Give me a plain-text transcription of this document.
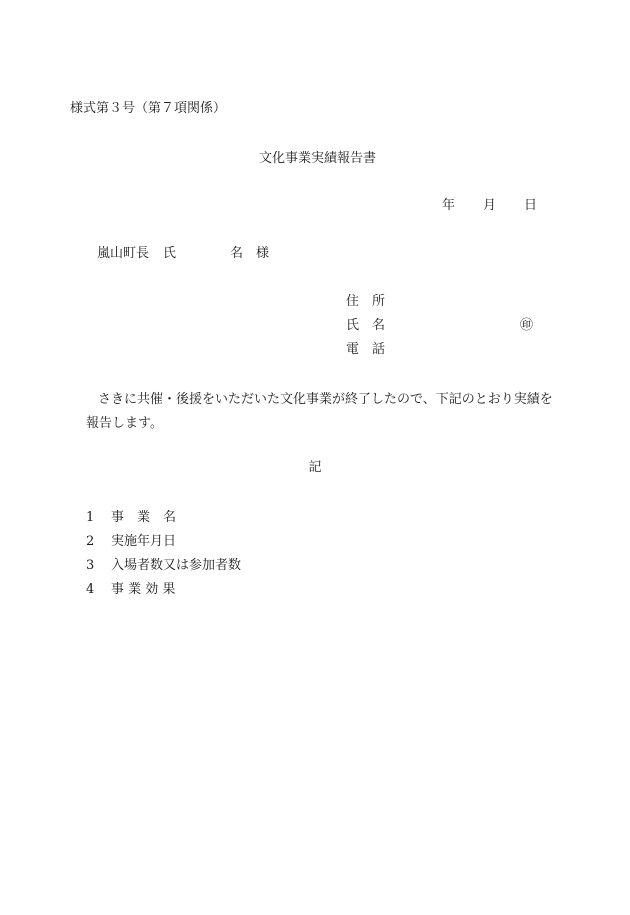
様式第３号（第７項関係）
文化事業実績報告書
年 月 日
嵐山町長 氏	名 様
住　所
氏　名	㊞
電　話
さきに共催・後援をいただいた文化事業が終了したので、下記のとおり実績を報告します。
記
1 事　業　名
2 実施年月日
3 入場者数又は参加者数
4 事 業 効 果
